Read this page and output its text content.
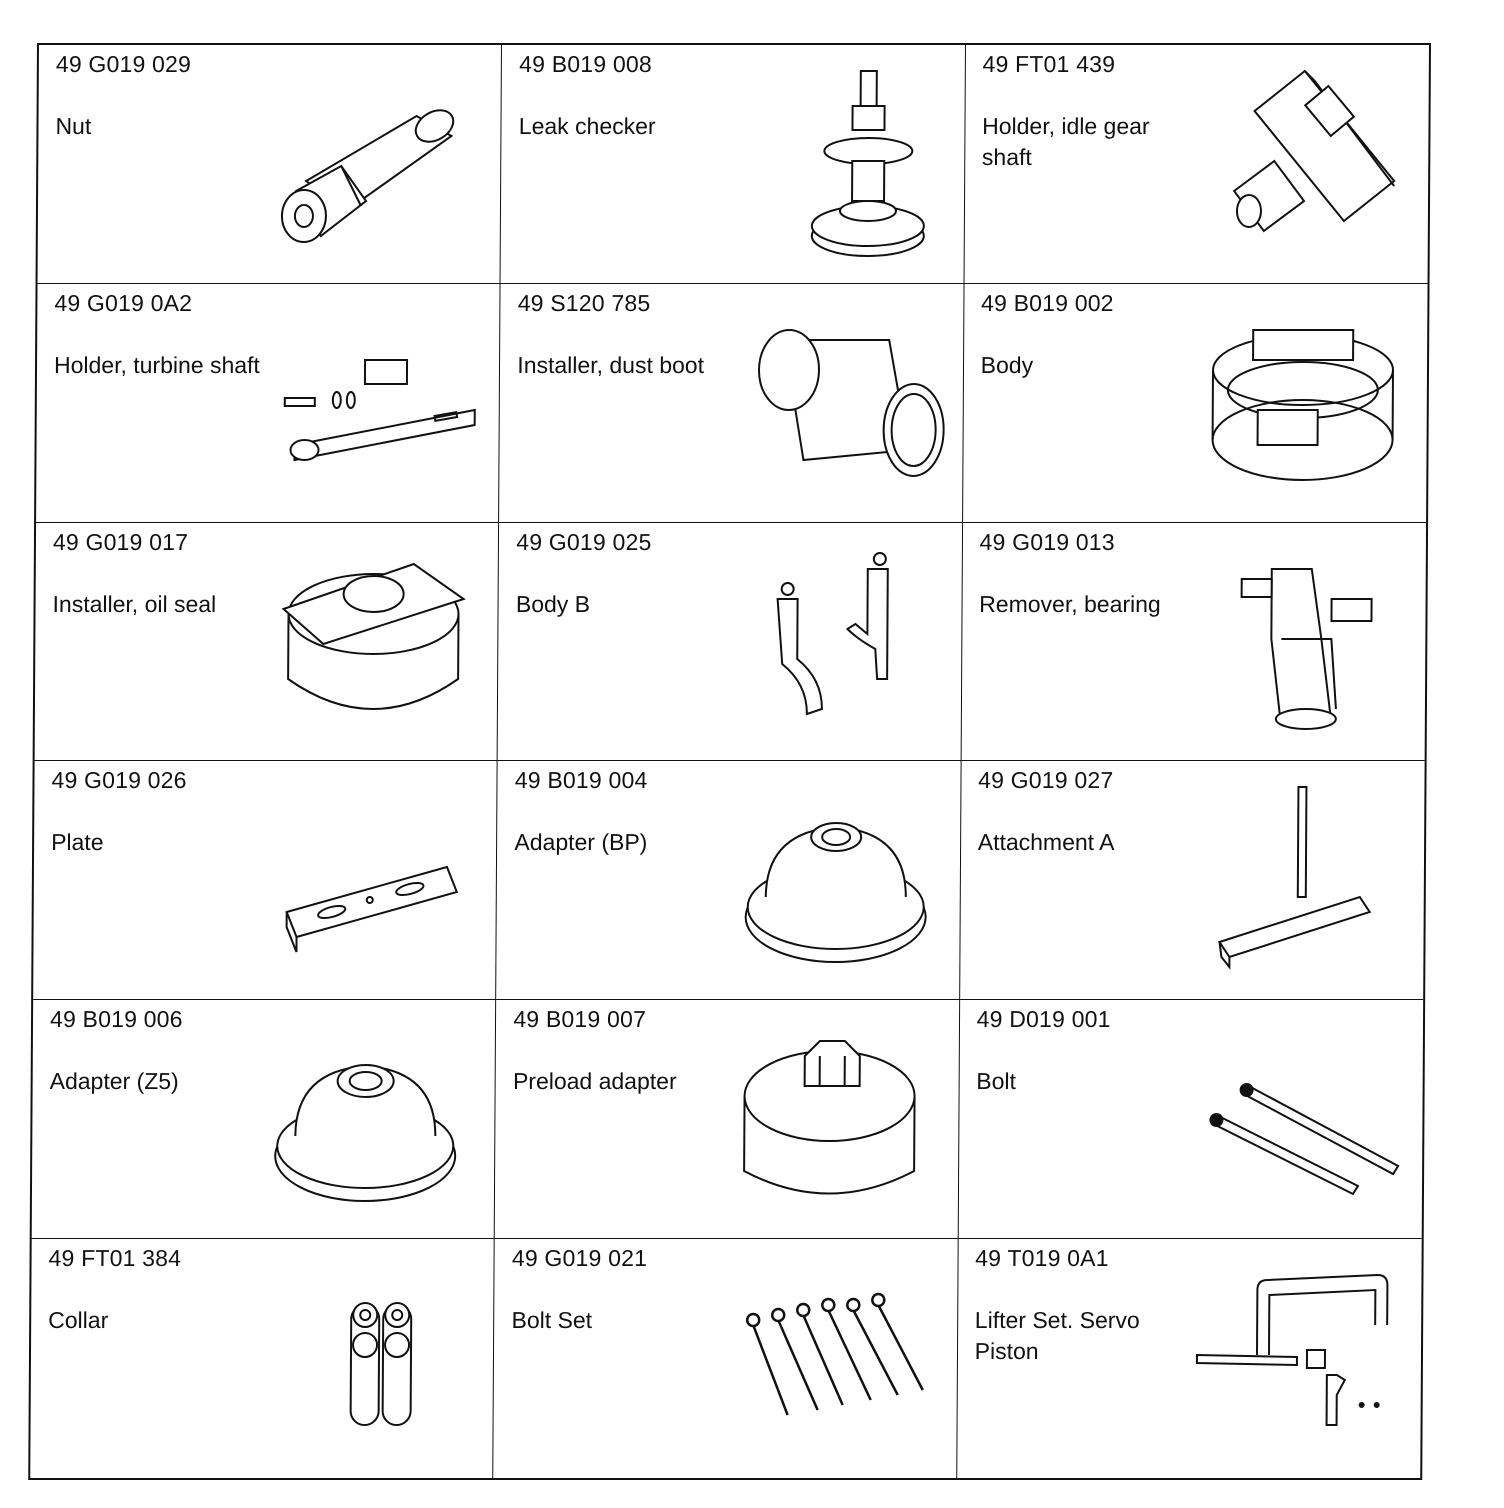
49 G019 029
Nut
49 B019 008
Leak checker
49 FT01 439
Holder, idle gear shaft
49 G019 0A2
Holder, turbine shaft
49 S120 785
Installer, dust boot
49 B019 002
Body
49 G019 017
Installer, oil seal
49 G019 025
Body B
49 G019 013
Remover, bearing
49 G019 026
Plate
49 B019 004
Adapter (BP)
49 G019 027
Attachment A
49 B019 006
Adapter (Z5)
49 B019 007
Preload adapter
49 D019 001
Bolt
49 FT01 384
Collar
49 G019 021
Bolt Set
49 T019 0A1
Lifter Set. Servo Piston
